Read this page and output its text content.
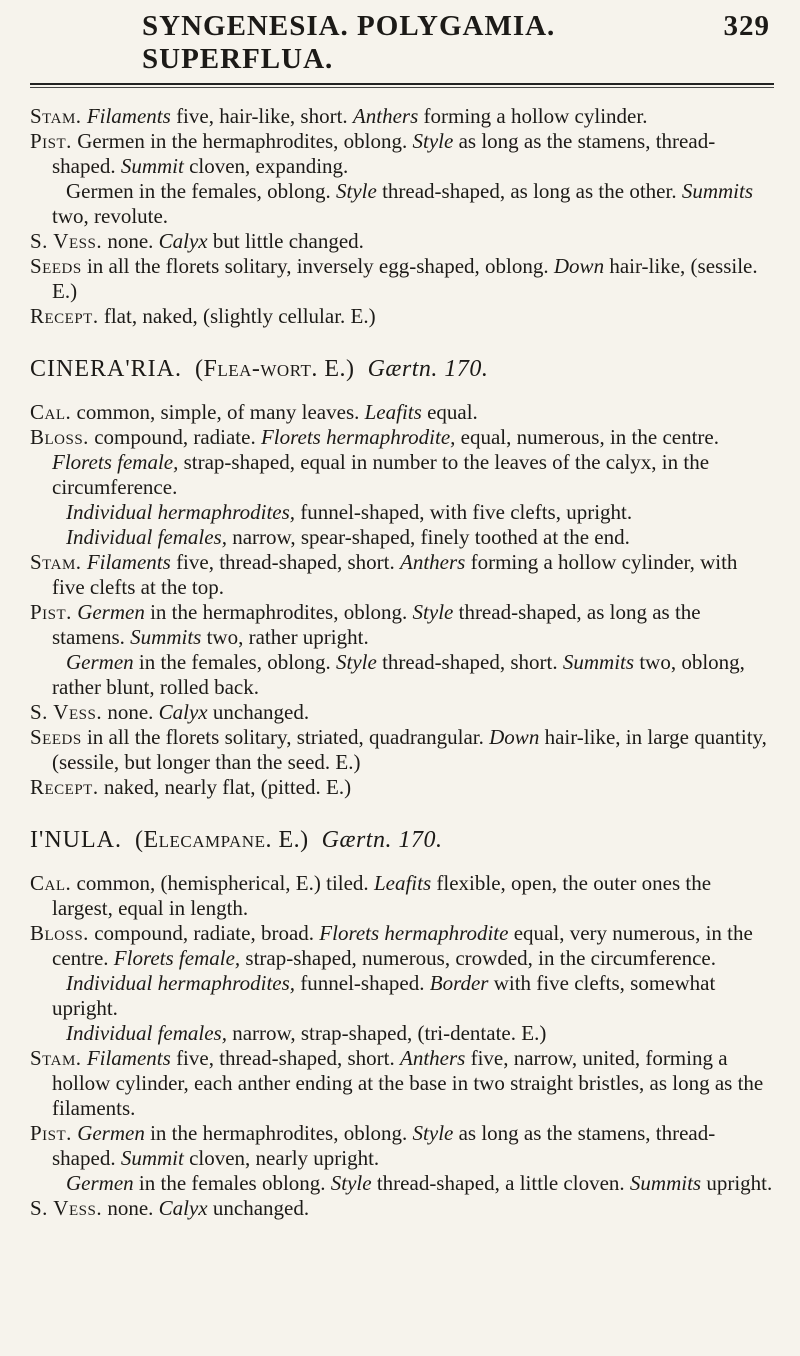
SYNGENESIA. POLYGAMIA. SUPERFLUA.
329

Stam. Filaments five, hair-like, short. Anthers forming a hollow cylinder.

Pist. Germen in the hermaphrodites, oblong. Style as long as the stamens, thread-shaped. Summit cloven, expanding.

Germen in the females, oblong. Style thread-shaped, as long as the other. Summits two, revolute.

S. Vess. none. Calyx but little changed.

Seeds in all the florets solitary, inversely egg-shaped, oblong. Down hair-like, (sessile. E.)

Recept. flat, naked, (slightly cellular. E.)

CINERA'RIA. (Flea-wort. E.) Gærtn. 170.

Cal. common, simple, of many leaves. Leafits equal.

Bloss. compound, radiate. Florets hermaphrodite, equal, numerous, in the centre. Florets female, strap-shaped, equal in number to the leaves of the calyx, in the circumference.

Individual hermaphrodites, funnel-shaped, with five clefts, upright.

Individual females, narrow, spear-shaped, finely toothed at the end.

Stam. Filaments five, thread-shaped, short. Anthers forming a hollow cylinder, with five clefts at the top.

Pist. Germen in the hermaphrodites, oblong. Style thread-shaped, as long as the stamens. Summits two, rather upright.

Germen in the females, oblong. Style thread-shaped, short. Summits two, oblong, rather blunt, rolled back.

S. Vess. none. Calyx unchanged.

Seeds in all the florets solitary, striated, quadrangular. Down hair-like, in large quantity, (sessile, but longer than the seed. E.)

Recept. naked, nearly flat, (pitted. E.)

I'NULA. (Elecampane. E.) Gærtn. 170.

Cal. common, (hemispherical, E.) tiled. Leafits flexible, open, the outer ones the largest, equal in length.

Bloss. compound, radiate, broad. Florets hermaphrodite equal, very numerous, in the centre. Florets female, strap-shaped, numerous, crowded, in the circumference.

Individual hermaphrodites, funnel-shaped. Border with five clefts, somewhat upright.

Individual females, narrow, strap-shaped, (tri-dentate. E.)

Stam. Filaments five, thread-shaped, short. Anthers five, narrow, united, forming a hollow cylinder, each anther ending at the base in two straight bristles, as long as the filaments.

Pist. Germen in the hermaphrodites, oblong. Style as long as the stamens, thread-shaped. Summit cloven, nearly upright.

Germen in the females oblong. Style thread-shaped, a little cloven. Summits upright.

S. Vess. none. Calyx unchanged.
